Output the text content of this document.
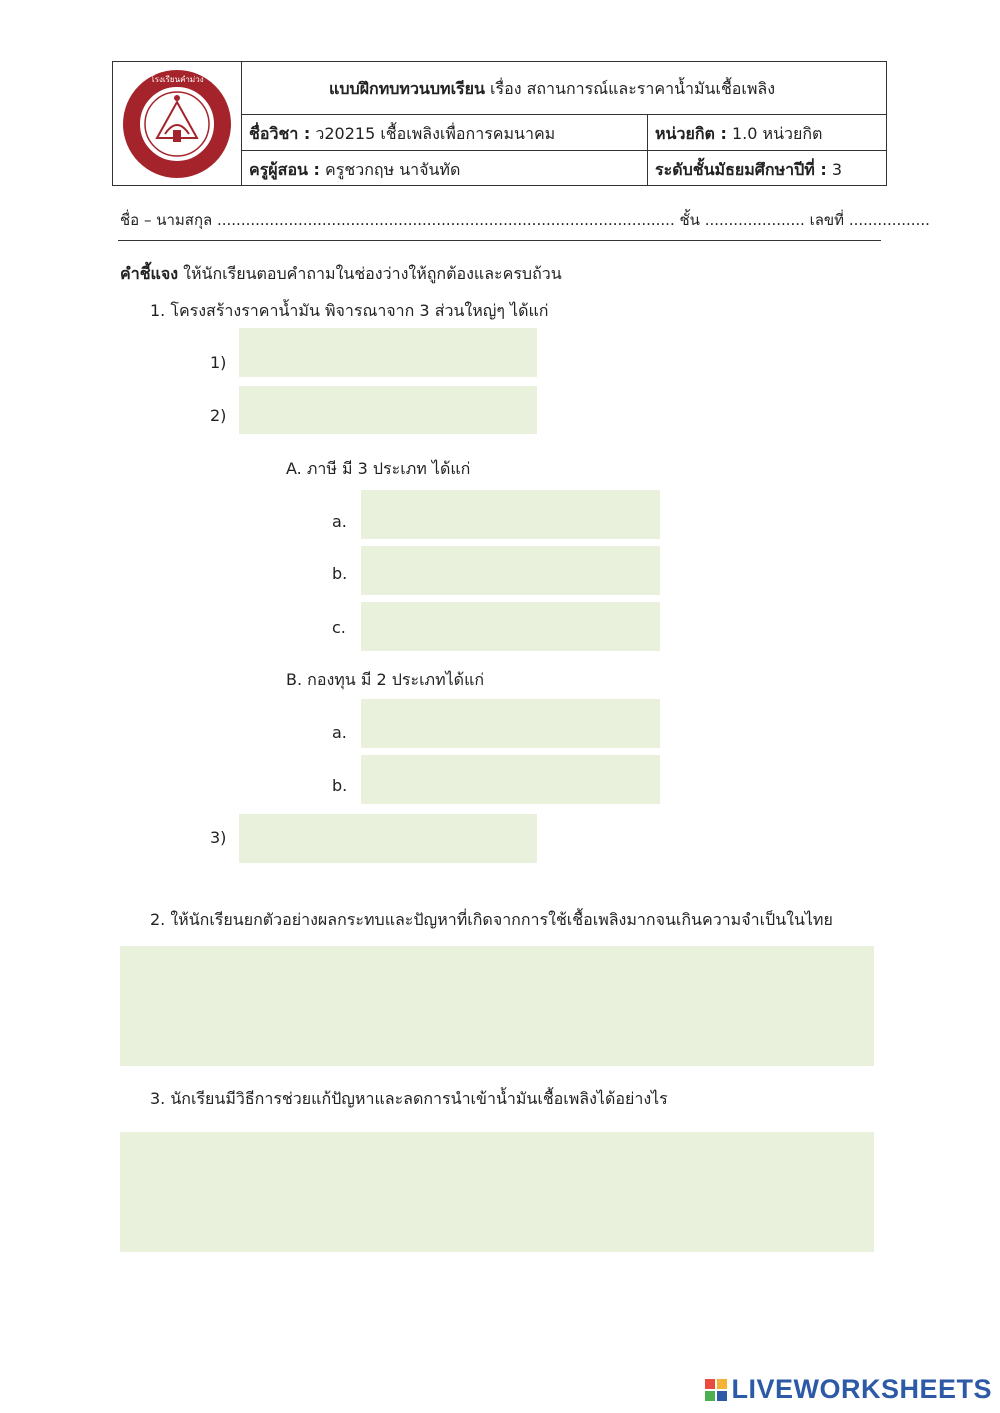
โรงเรียนคำม่วง	แบบฝึกทบทวนบทเรียน เรื่อง สถานการณ์และราคาน้ำมันเชื้อเพลิง
ชื่อวิชา : ว20215 เชื้อเพลิงเพื่อการคมนาคม	หน่วยกิต : 1.0 หน่วยกิต
ครูผู้สอน : ครูชวกฤษ นาจันทัด	ระดับชั้นมัธยมศึกษาปีที่ : 3
ชื่อ – นามสกุล ................................................................................................ ชั้น ..................... เลขที่ .................
คำชี้แจง ให้นักเรียนตอบคำถามในช่องว่างให้ถูกต้องและครบถ้วน
1. โครงสร้างราคาน้ำมัน พิจารณาจาก 3 ส่วนใหญ่ๆ ได้แก่
1)
2)
A. ภาษี มี 3 ประเภท ได้แก่
a.
b.
c.
B. กองทุน มี 2 ประเภทได้แก่
a.
b.
3)
2. ให้นักเรียนยกตัวอย่างผลกระทบและปัญหาที่เกิดจากการใช้เชื้อเพลิงมากจนเกินความจำเป็นในไทย
3. นักเรียนมีวิธีการช่วยแก้ปัญหาและลดการนำเข้าน้ำมันเชื้อเพลิงได้อย่างไร
LIVEWORKSHEETS
